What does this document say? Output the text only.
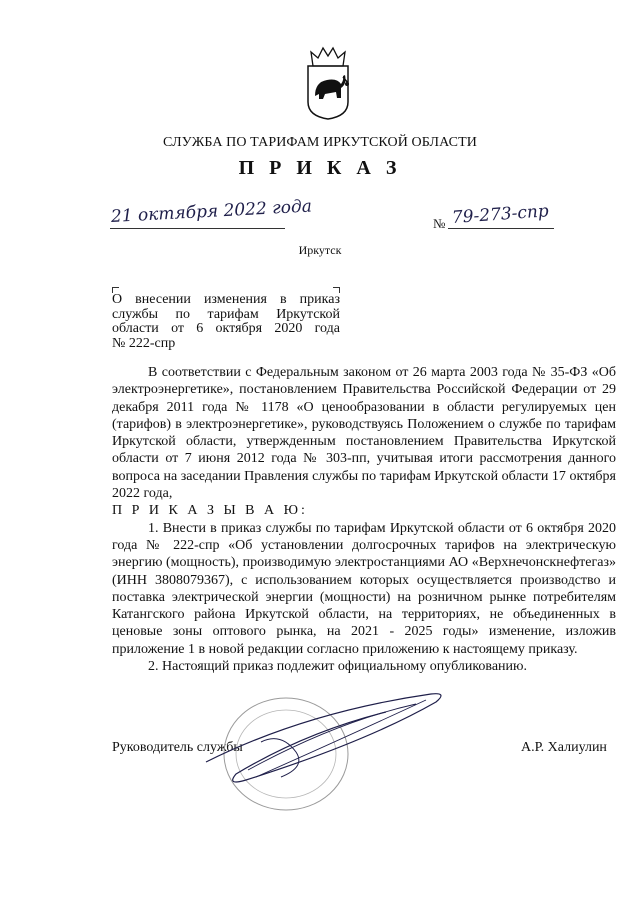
СЛУЖБА ПО ТАРИФАМ ИРКУТСКОЙ ОБЛАСТИ
П Р И К А З
21 октября 2022 года	№ 79-273-спр
Иркутск
О внесении изменения в приказ
службы по тарифам Иркутской
области от 6 октября 2020 года
№ 222-спр

В соответствии с Федеральным законом от 26 марта 2003 года № 35-ФЗ «Об электроэнергетике», постановлением Правительства Российской Федерации от 29 декабря 2011 года № 1178 «О ценообразовании в области регулируемых цен (тарифов) в электроэнергетике», руководствуясь Положением о службе по тарифам Иркутской области, утвержденным постановлением Правительства Иркутской области от 7 июня 2012 года № 303-пп, учитывая итоги рассмотрения данного вопроса на заседании Правления службы по тарифам Иркутской области 17 октября 2022 года,

П Р И К А З Ы В А Ю:

1. Внести в приказ службы по тарифам Иркутской области от 6 октября 2020 года № 222-спр «Об установлении долгосрочных тарифов на электрическую энергию (мощность), производимую электростанциями АО «Верхнечонскнефтегаз» (ИНН 3808079367), с использованием которых осуществляется производство и поставка электрической энергии (мощности) на розничном рынке потребителям Катангского района Иркутской области, на территориях, не объединенных в ценовые зоны оптового рынка, на 2021 - 2025 годы» изменение, изложив приложение 1 в новой редакции согласно приложению к настоящему приказу.

2. Настоящий приказ подлежит официальному опубликованию.

Руководитель службы	А.Р. Халиулин
